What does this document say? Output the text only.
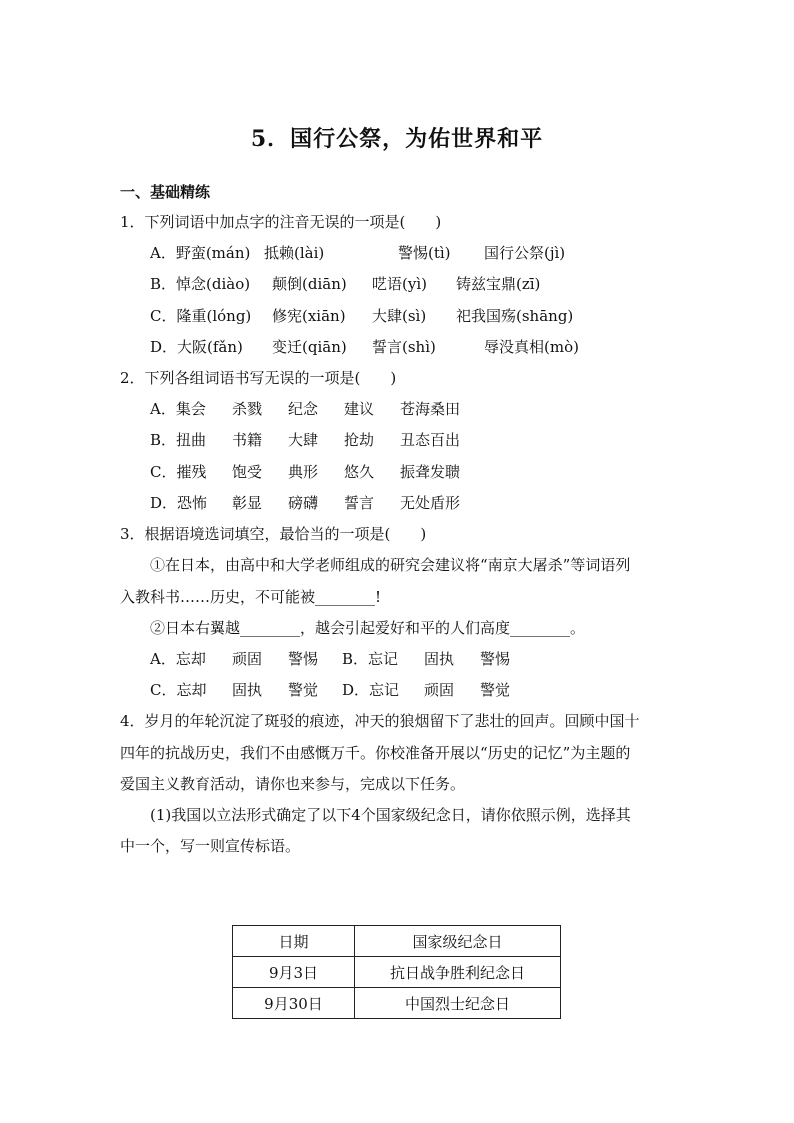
5．国行公祭，为佑世界和平
一、基础精练
1．下列词语中加点字的注音无误的一项是(　　)
A．野蛮(mán) 抵赖(lài)	警惕(tì) 国行公祭(jì)
B．悼念(diào) 颠倒(diān) 呓语(yì) 铸兹宝鼎(zī)
C．隆重(lóng) 修宪(xiān) 大肆(sì) 祀我国殇(shāng)
D．大阪(fǎn) 变迁(qiān) 誓言(shì)	辱没真相(mò)
2．下列各组词语书写无误的一项是(　　)
A．集会 杀戮 纪念 建议 苍海桑田
B．扭曲 书籍 大肆 抢劫 丑态百出
C．摧残 饱受 典形 悠久 振聋发聩
D．恐怖 彰显 磅礴 誓言 无处盾形
3．根据语境选词填空，最恰当的一项是(　　)
①在日本，由高中和大学老师组成的研究会建议将“南京大屠杀”等词语列
入教科书……历史，不可能被________!
②日本右翼越________，越会引起爱好和平的人们高度________。
A．忘却 顽固 警惕 B．忘记 固执 警惕
C．忘却 固执 警觉 D．忘记 顽固 警觉
4．岁月的年轮沉淀了斑驳的痕迹，冲天的狼烟留下了悲壮的回声。回顾中国十
四年的抗战历史，我们不由感慨万千。你校准备开展以“历史的记忆”为主题的
爱国主义教育活动，请你也来参与，完成以下任务。
(1)我国以立法形式确定了以下4个国家级纪念日，请你依照示例，选择其
中一个，写一则宣传标语。
日期	国家级纪念日
9月3日	抗日战争胜利纪念日
9月30日	中国烈士纪念日
